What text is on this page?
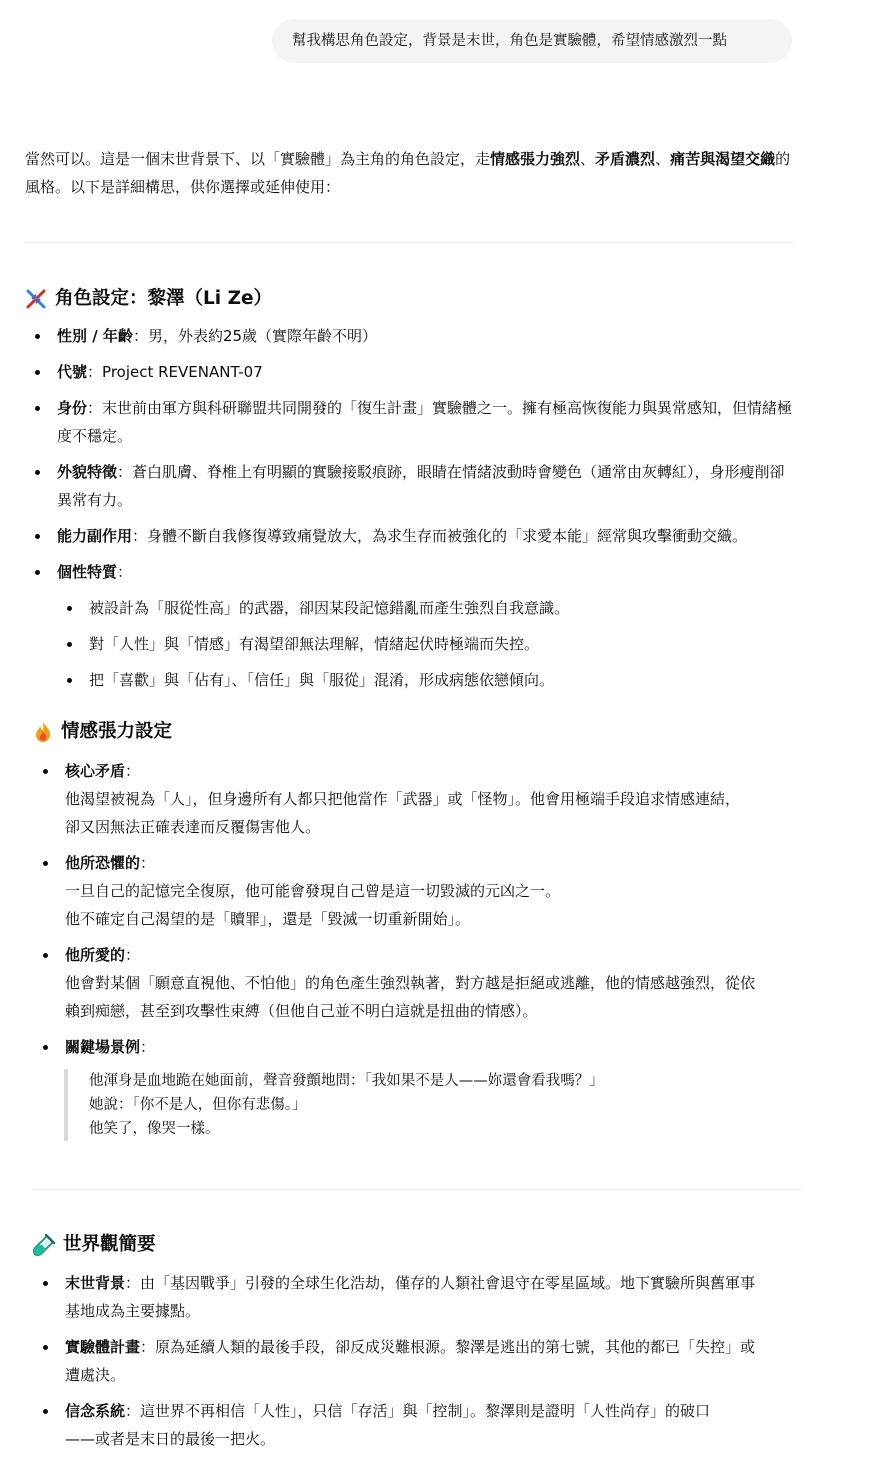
幫我構思角色設定，背景是末世，角色是實驗體，希望情感激烈一點
當然可以。這是一個末世背景下、以「實驗體」為主角的角色設定，走情感張力強烈、矛盾濃烈、痛苦與渴望交織的風格。以下是詳細構思，供你選擇或延伸使用：
角色設定：黎澤（Li Ze）
性別 / 年齡：男，外表約25歲（實際年齡不明）
代號：Project REVENANT-07
身份：末世前由軍方與科研聯盟共同開發的「復生計畫」實驗體之一。擁有極高恢復能力與異常感知，但情緒極度不穩定。
外貌特徵：蒼白肌膚、脊椎上有明顯的實驗接駁痕跡，眼睛在情緒波動時會變色（通常由灰轉紅），身形瘦削卻異常有力。
能力副作用：身體不斷自我修復導致痛覺放大，為求生存而被強化的「求愛本能」經常與攻擊衝動交織。
個性特質：
被設計為「服從性高」的武器，卻因某段記憶錯亂而產生強烈自我意識。
對「人性」與「情感」有渴望卻無法理解，情緒起伏時極端而失控。
把「喜歡」與「佔有」、「信任」與「服從」混淆，形成病態依戀傾向。
情感張力設定
核心矛盾：
他渴望被視為「人」，但身邊所有人都只把他當作「武器」或「怪物」。他會用極端手段追求情感連結，
卻又因無法正確表達而反覆傷害他人。
他所恐懼的：
一旦自己的記憶完全復原，他可能會發現自己曾是這一切毀滅的元凶之一。
他不確定自己渴望的是「贖罪」，還是「毀滅一切重新開始」。
他所愛的：
他會對某個「願意直視他、不怕他」的角色產生強烈執著，對方越是拒絕或逃離，他的情感越強烈，從依
賴到痴戀，甚至到攻擊性束縛（但他自己並不明白這就是扭曲的情感）。
關鍵場景例：
他渾身是血地跪在她面前，聲音發顫地問：「我如果不是人——妳還會看我嗎？」
她說：「你不是人，但你有悲傷。」
他笑了，像哭一樣。
世界觀簡要
末世背景：由「基因戰爭」引發的全球生化浩劫，僅存的人類社會退守在零星區域。地下實驗所與舊軍事
基地成為主要據點。
實驗體計畫：原為延續人類的最後手段，卻反成災難根源。黎澤是逃出的第七號，其他的都已「失控」或
遭處決。
信念系統：這世界不再相信「人性」，只信「存活」與「控制」。黎澤則是證明「人性尚存」的破口
——或者是末日的最後一把火。
